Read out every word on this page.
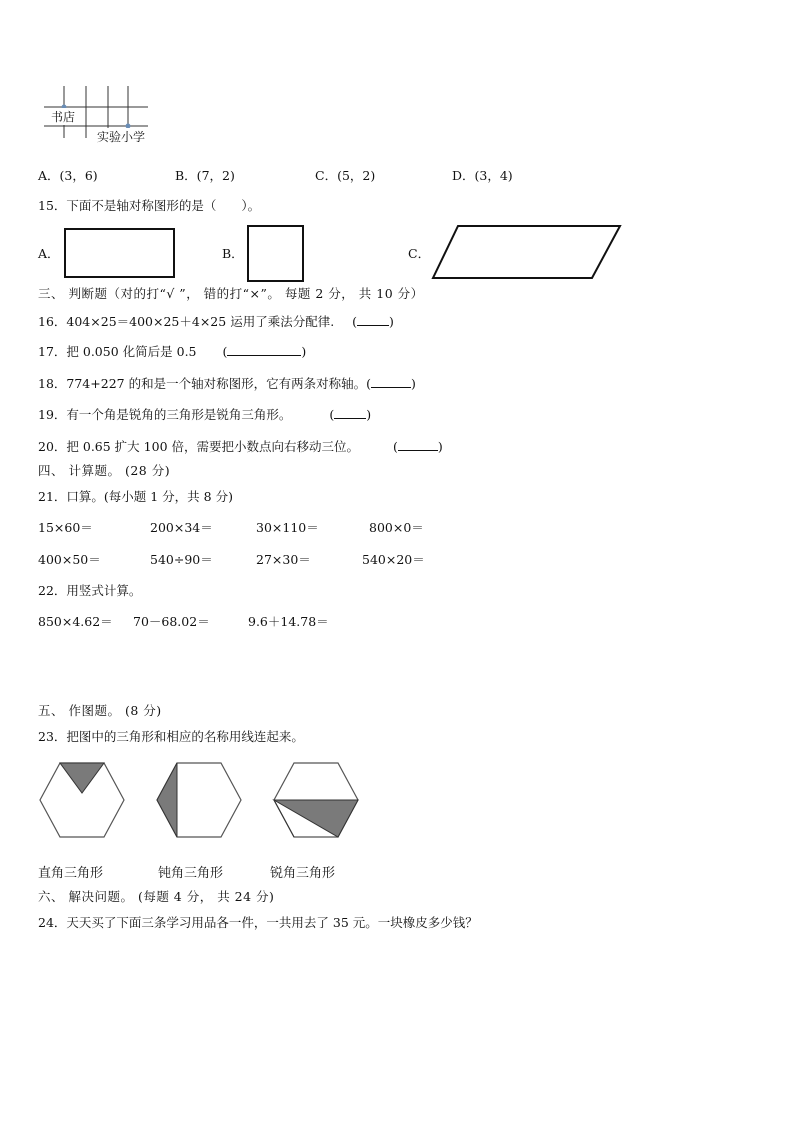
书店
实验小学
A．(3，6)	B．(7，2)	C．(5，2)	D．(3，4)
15．下面不是轴对称图形的是（　　）。
A．	B．	C．
三、 判断题（对的打“√ ”， 错的打“×”。 每题 2 分， 共 10 分）
16．404×25＝400×25＋4×25 运用了乘法分配律. (	)
17．把 0.050 化简后是 0.5 (	)
18．774+227 的和是一个轴对称图形，它有两条对称轴。(	)
19．有一个角是锐角的三角形是锐角三角形。	(	)
20．把 0.65 扩大 100 倍，需要把小数点向右移动三位。	(	)
四、 计算题。 (28 分)
21．口算。(每小题 1 分，共 8 分)
15×60＝	200×34＝	30×110＝	800×0＝
400×50＝	540÷90＝	27×30＝	540×20＝
22．用竖式计算。
850×4.62＝ 70－68.02＝	9.6＋14.78＝
五、 作图题。 (8 分)
23．把图中的三角形和相应的名称用线连起来。
直角三角形	钝角三角形	锐角三角形
六、 解决问题。 (每题 4 分， 共 24 分)
24．天天买了下面三条学习用品各一件，一共用去了 35 元。一块橡皮多少钱？
